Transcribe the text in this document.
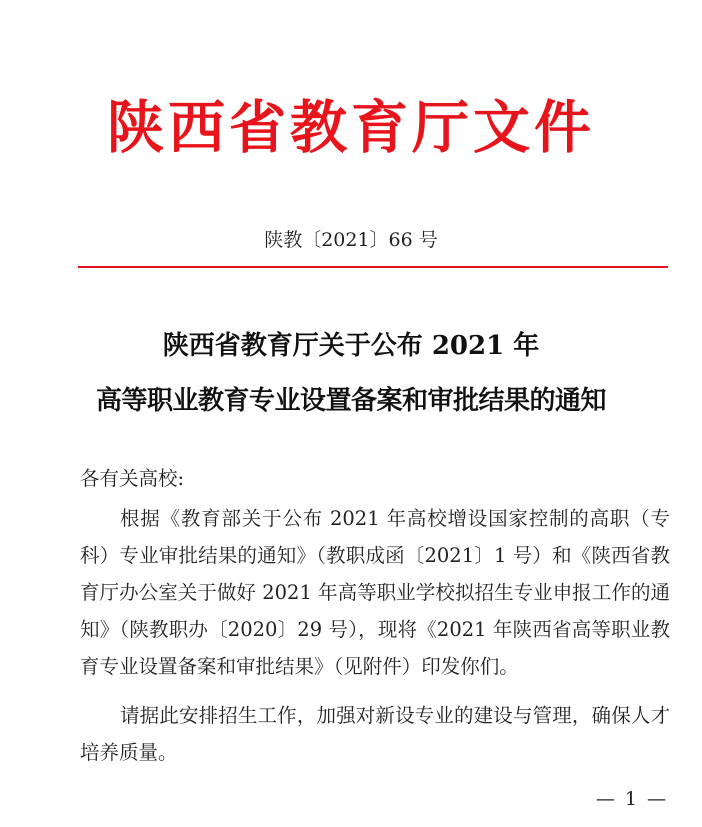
陕西省教育厅文件
陕教〔2021〕66 号
陕西省教育厅关于公布 2021 年
高等职业教育专业设置备案和审批结果的通知
各有关高校:
根据《教育部关于公布 2021 年高校增设国家控制的高职（专科）专业审批结果的通知》（教职成函〔2021〕1 号）和《陕西省教育厅办公室关于做好 2021 年高等职业学校拟招生专业申报工作的通知》（陕教职办〔2020〕29 号），现将《2021 年陕西省高等职业教育专业设置备案和审批结果》（见附件）印发你们。
请据此安排招生工作，加强对新设专业的建设与管理，确保人才培养质量。
— 1 —
